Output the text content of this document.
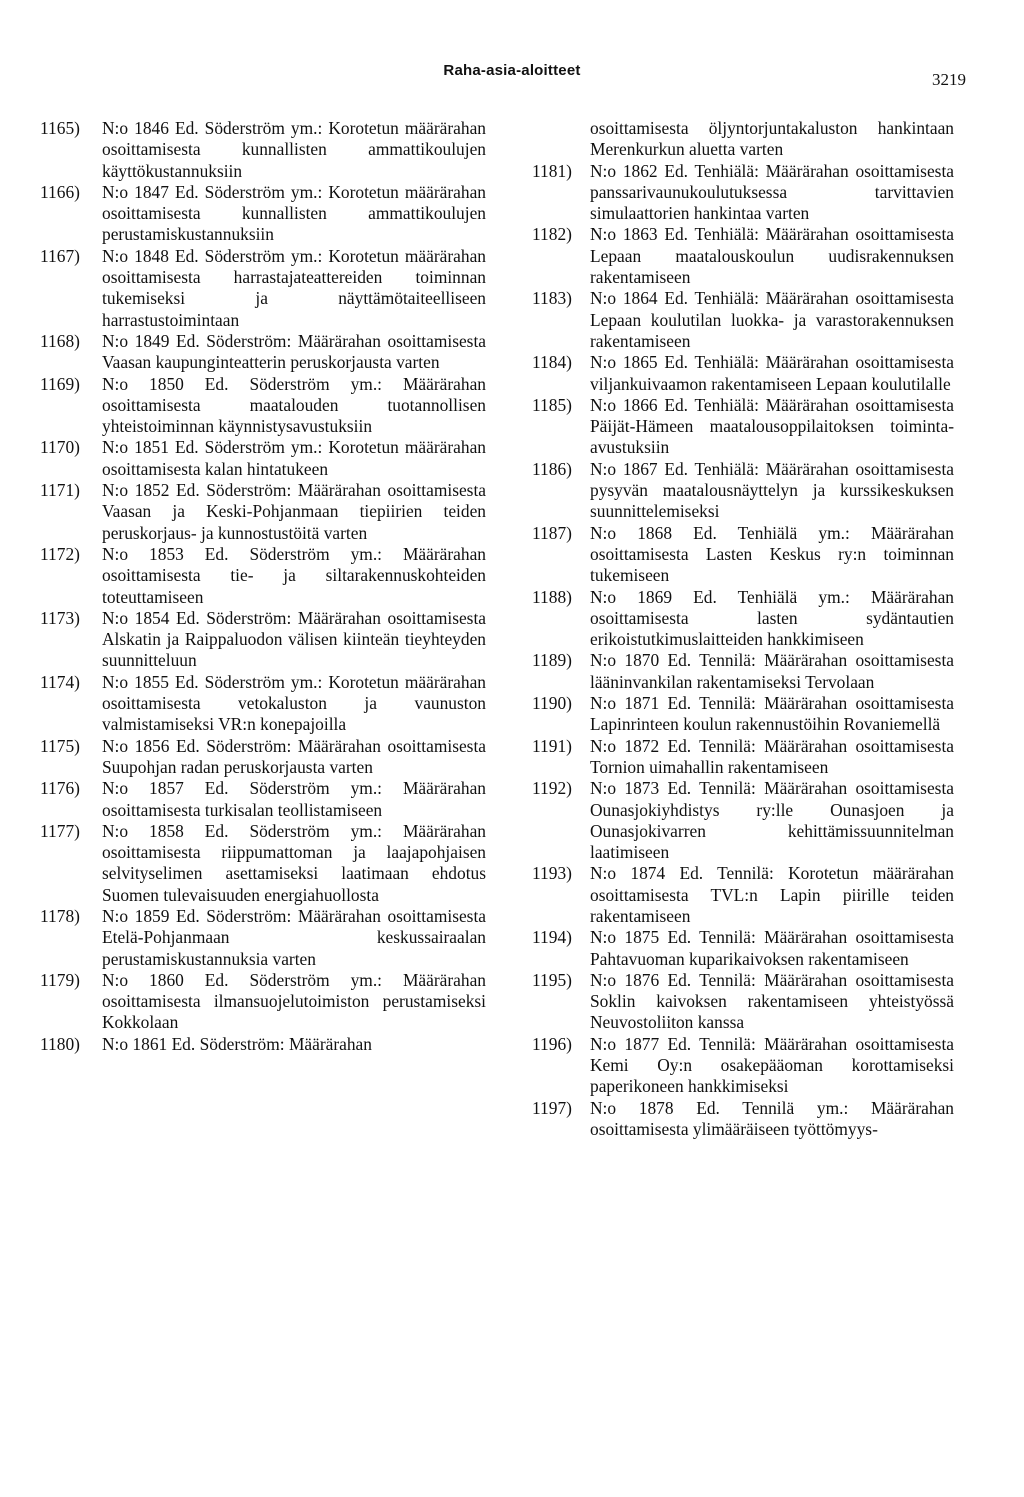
Raha-asia-aloitteet	3219
1165) N:o 1846 Ed. Söderström ym.: Korotetun määrärahan osoittamisesta kunnallisten ammattikoulujen käyttökustannuksiin
1166) N:o 1847 Ed. Söderström ym.: Korotetun määrärahan osoittamisesta kunnallisten ammattikoulujen perustamiskustannuksiin
1167) N:o 1848 Ed. Söderström ym.: Korotetun määrärahan osoittamisesta harrastajateattereiden toiminnan tukemiseksi ja näyttämötaiteelliseen harrastustoimintaan
1168) N:o 1849 Ed. Söderström: Määrärahan osoittamisesta Vaasan kaupunginteatterin peruskorjausta varten
1169) N:o 1850 Ed. Söderström ym.: Määrärahan osoittamisesta maatalouden tuotannollisen yhteistoiminnan käynnistysavustuksiin
1170) N:o 1851 Ed. Söderström ym.: Korotetun määrärahan osoittamisesta kalan hintatukeen
1171) N:o 1852 Ed. Söderström: Määrärahan osoittamisesta Vaasan ja Keski-Pohjanmaan tiepiirien teiden peruskorjaus- ja kunnostustöitä varten
1172) N:o 1853 Ed. Söderström ym.: Määrärahan osoittamisesta tie- ja siltarakennuskohteiden toteuttamiseen
1173) N:o 1854 Ed. Söderström: Määrärahan osoittamisesta Alskatin ja Raippaluodon välisen kiinteän tieyhteyden suunnitteluun
1174) N:o 1855 Ed. Söderström ym.: Korotetun määrärahan osoittamisesta vetokaluston ja vaunuston valmistamiseksi VR:n konepajoilla
1175) N:o 1856 Ed. Söderström: Määrärahan osoittamisesta Suupohjan radan peruskorjausta varten
1176) N:o 1857 Ed. Söderström ym.: Määrärahan osoittamisesta turkisalan teollistamiseen
1177) N:o 1858 Ed. Söderström ym.: Määrärahan osoittamisesta riippumattoman ja laajapohjaisen selvityselimen asettamiseksi laatimaan ehdotus Suomen tulevaisuuden energiahuollosta
1178) N:o 1859 Ed. Söderström: Määrärahan osoittamisesta Etelä-Pohjanmaan keskussairaalan perustamiskustannuksia varten
1179) N:o 1860 Ed. Söderström ym.: Määrärahan osoittamisesta ilmansuojelutoimiston perustamiseksi Kokkolaan
1180) N:o 1861 Ed. Söderström: Määrärahan
osoittamisesta öljyntorjuntakaluston hankintaan Merenkurkun aluetta varten
1181) N:o 1862 Ed. Tenhiälä: Määrärahan osoittamisesta panssarivaunukoulutuksessa tarvittavien simulaattorien hankintaa varten
1182) N:o 1863 Ed. Tenhiälä: Määrärahan osoittamisesta Lepaan maatalouskoulun uudisrakennuksen rakentamiseen
1183) N:o 1864 Ed. Tenhiälä: Määrärahan osoittamisesta Lepaan koulutilan luokka- ja varastorakennuksen rakentamiseen
1184) N:o 1865 Ed. Tenhiälä: Määrärahan osoittamisesta viljankuivaamon rakentamiseen Lepaan koulutilalle
1185) N:o 1866 Ed. Tenhiälä: Määrärahan osoittamisesta Päijät-Hämeen maatalousoppilaitoksen toiminta-avustuksiin
1186) N:o 1867 Ed. Tenhiälä: Määrärahan osoittamisesta pysyvän maatalousnäyttelyn ja kurssikeskuksen suunnittelemiseksi
1187) N:o 1868 Ed. Tenhiälä ym.: Määrärahan osoittamisesta Lasten Keskus ry:n toiminnan tukemiseen
1188) N:o 1869 Ed. Tenhiälä ym.: Määrärahan osoittamisesta lasten sydäntautien erikoistutkimuslaitteiden hankkimiseen
1189) N:o 1870 Ed. Tennilä: Määrärahan osoittamisesta lääninvankilan rakentamiseksi Tervolaan
1190) N:o 1871 Ed. Tennilä: Määrärahan osoittamisesta Lapinrinteen koulun rakennustöihin Rovaniemellä
1191) N:o 1872 Ed. Tennilä: Määrärahan osoittamisesta Tornion uimahallin rakentamiseen
1192) N:o 1873 Ed. Tennilä: Määrärahan osoittamisesta Ounasjokiyhdistys ry:lle Ounasjoen ja Ounasjokivarren kehittämissuunnitelman laatimiseen
1193) N:o 1874 Ed. Tennilä: Korotetun määrärahan osoittamisesta TVL:n Lapin piirille teiden rakentamiseen
1194) N:o 1875 Ed. Tennilä: Määrärahan osoittamisesta Pahtavuoman kuparikaivoksen rakentamiseen
1195) N:o 1876 Ed. Tennilä: Määrärahan osoittamisesta Soklin kaivoksen rakentamiseen yhteistyössä Neuvostoliiton kanssa
1196) N:o 1877 Ed. Tennilä: Määrärahan osoittamisesta Kemi Oy:n osakepääoman korottamiseksi paperikoneen hankkimiseksi
1197) N:o 1878 Ed. Tennilä ym.: Määrärahan osoittamisesta ylimääräiseen työttömyys-
